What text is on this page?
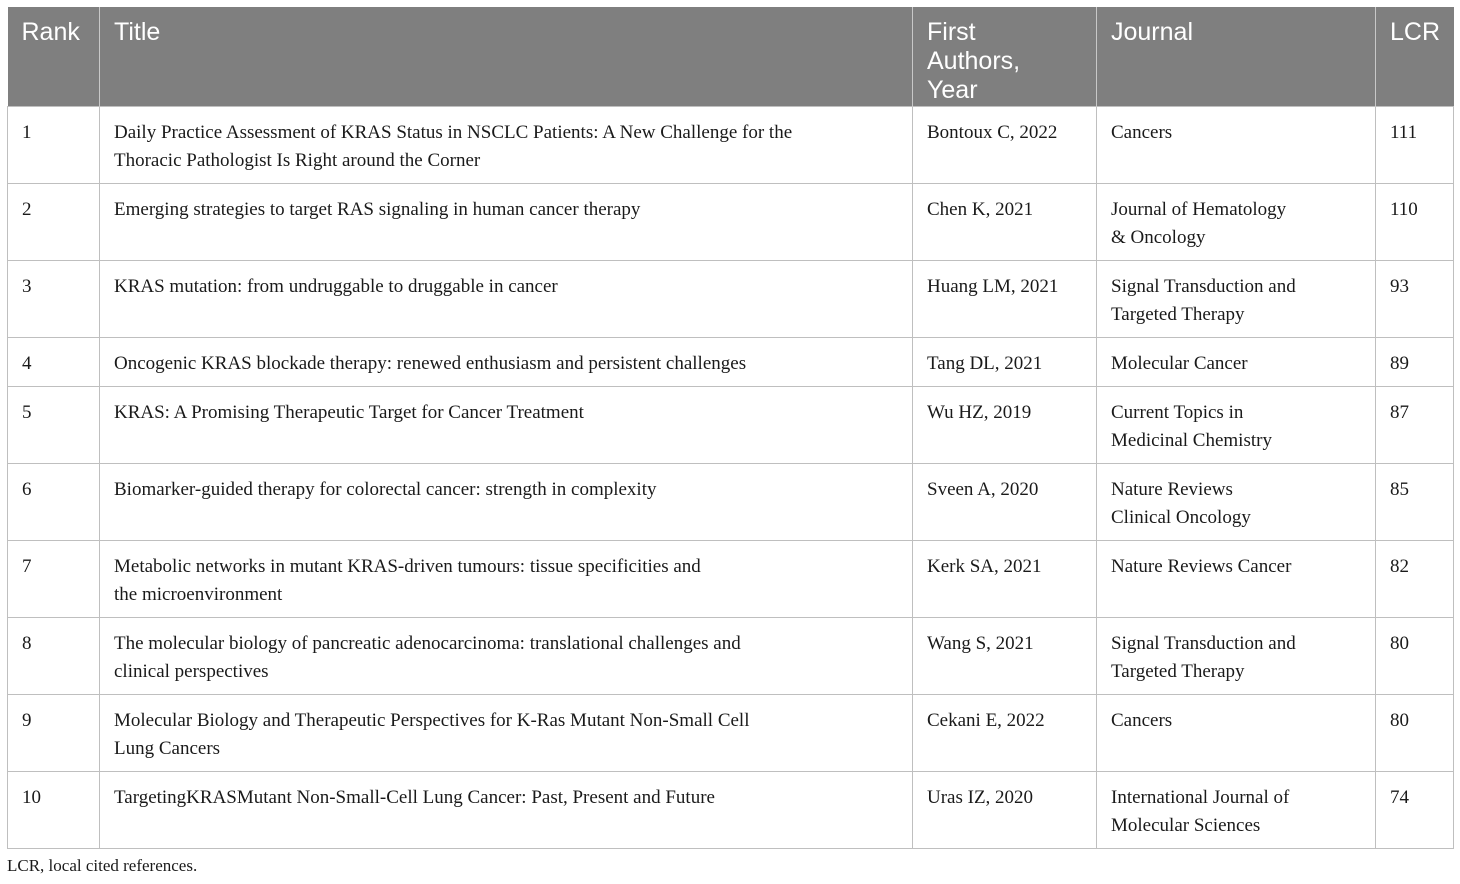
Rank	Title	First
Authors,
Year	Journal	LCR

1	Daily Practice Assessment of KRAS Status in NSCLC Patients: A New Challenge for the
Thoracic Pathologist Is Right around the Corner	Bontoux C, 2022	Cancers	111

2	Emerging strategies to target RAS signaling in human cancer therapy	Chen K, 2021	Journal of Hematology
& Oncology	110

3	KRAS mutation: from undruggable to druggable in cancer	Huang LM, 2021	Signal Transduction and
Targeted Therapy	93

4	Oncogenic KRAS blockade therapy: renewed enthusiasm and persistent challenges	Tang DL, 2021	Molecular Cancer	89

5	KRAS: A Promising Therapeutic Target for Cancer Treatment	Wu HZ, 2019	Current Topics in
Medicinal Chemistry	87

6	Biomarker-guided therapy for colorectal cancer: strength in complexity	Sveen A, 2020	Nature Reviews
Clinical Oncology	85

7	Metabolic networks in mutant KRAS-driven tumours: tissue specificities and
the microenvironment	Kerk SA, 2021	Nature Reviews Cancer	82

8	The molecular biology of pancreatic adenocarcinoma: translational challenges and
clinical perspectives	Wang S, 2021	Signal Transduction and
Targeted Therapy	80

9	Molecular Biology and Therapeutic Perspectives for K-Ras Mutant Non-Small Cell
Lung Cancers	Cekani E, 2022	Cancers	80

10	TargetingKRASMutant Non-Small-Cell Lung Cancer: Past, Present and Future	Uras IZ, 2020	International Journal of
Molecular Sciences	74
LCR, local cited references.
